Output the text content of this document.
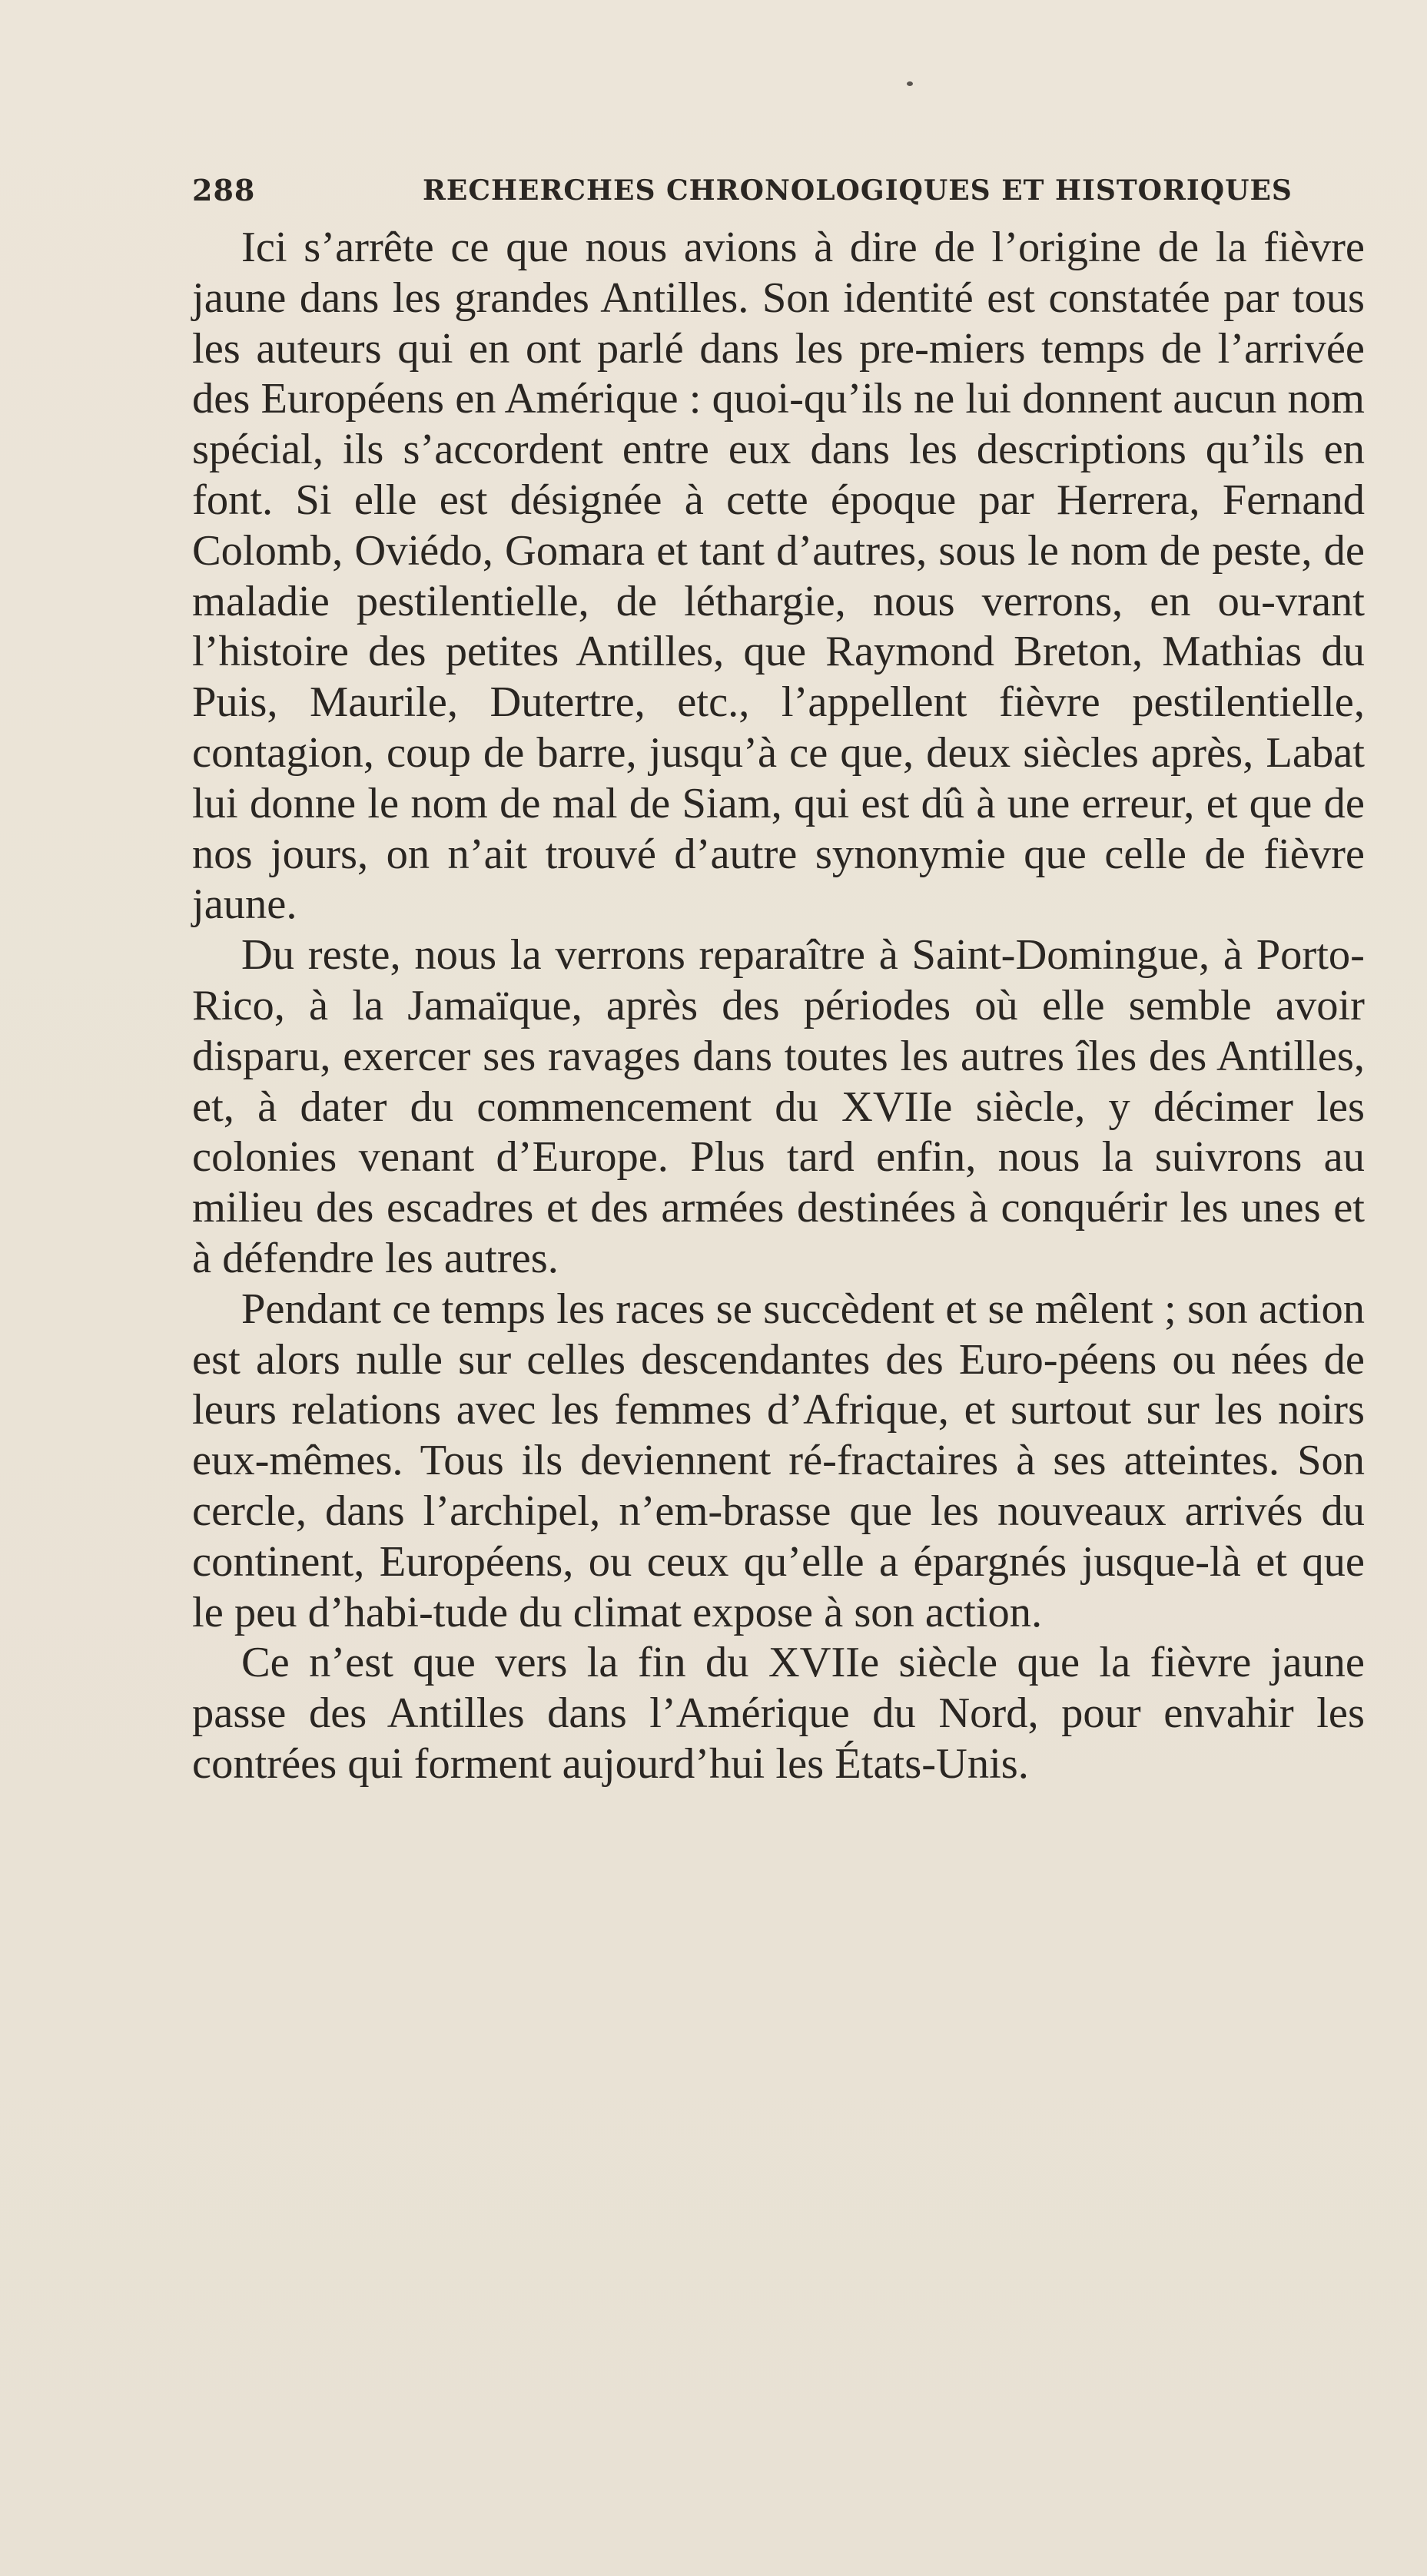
288	RECHERCHES CHRONOLOGIQUES ET HISTORIQUES

Ici s’arrête ce que nous avions à dire de l’origine de la fièvre jaune dans les grandes Antilles. Son identité est constatée par tous les auteurs qui en ont parlé dans les pre-miers temps de l’arrivée des Européens en Amérique : quoi-qu’ils ne lui donnent aucun nom spécial, ils s’accordent entre eux dans les descriptions qu’ils en font. Si elle est désignée à cette époque par Herrera, Fernand Colomb, Oviédo, Gomara et tant d’autres, sous le nom de peste, de maladie pestilentielle, de léthargie, nous verrons, en ou-vrant l’histoire des petites Antilles, que Raymond Breton, Mathias du Puis, Maurile, Dutertre, etc., l’appellent fièvre pestilentielle, contagion, coup de barre, jusqu’à ce que, deux siècles après, Labat lui donne le nom de mal de Siam, qui est dû à une erreur, et que de nos jours, on n’ait trouvé d’autre synonymie que celle de fièvre jaune.

Du reste, nous la verrons reparaître à Saint-Domingue, à Porto-Rico, à la Jamaïque, après des périodes où elle semble avoir disparu, exercer ses ravages dans toutes les autres îles des Antilles, et, à dater du commencement du XVIIe siècle, y décimer les colonies venant d’Europe. Plus tard enfin, nous la suivrons au milieu des escadres et des armées destinées à conquérir les unes et à défendre les autres.

Pendant ce temps les races se succèdent et se mêlent ; son action est alors nulle sur celles descendantes des Euro-péens ou nées de leurs relations avec les femmes d’Afrique, et surtout sur les noirs eux-mêmes. Tous ils deviennent ré-fractaires à ses atteintes. Son cercle, dans l’archipel, n’em-brasse que les nouveaux arrivés du continent, Européens, ou ceux qu’elle a épargnés jusque-là et que le peu d’habi-tude du climat expose à son action.

Ce n’est que vers la fin du XVIIe siècle que la fièvre jaune passe des Antilles dans l’Amérique du Nord, pour envahir les contrées qui forment aujourd’hui les États-Unis.
